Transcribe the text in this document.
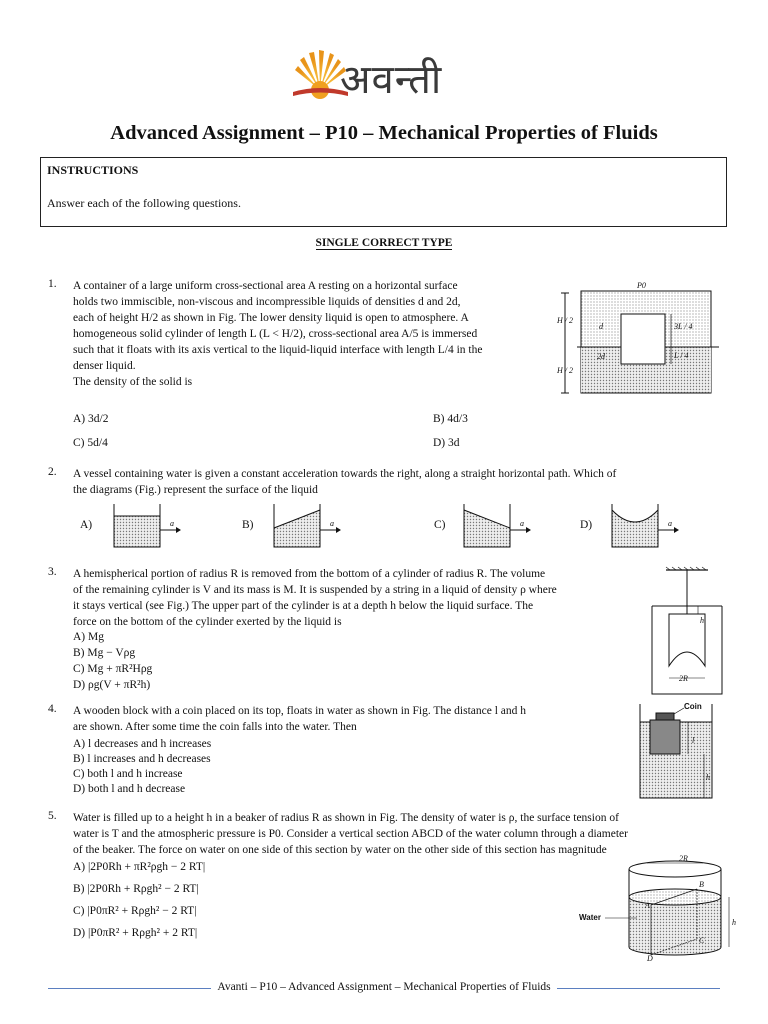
अवन्ती
Advanced Assignment – P10 – Mechanical Properties of Fluids
INSTRUCTIONS
Answer each of the following questions.
SINGLE CORRECT TYPE
1. A container of a large uniform cross-sectional area A resting on a horizontal surface
holds two immiscible, non-viscous and incompressible liquids of densities d and 2d,
each of height H/2 as shown in Fig. The lower density liquid is open to atmosphere. A
homogeneous solid cylinder of length L (L < H/2), cross-sectional area A/5 is immersed
such that it floats with its axis vertical to the liquid-liquid interface with length L/4 in the
denser liquid.
The density of the solid is
A) 3d/2	B) 4d/3
C) 5d/4	D) 3d
P0
H / 2
H / 2
d
2d
3L / 4
L / 4
2. A vessel containing water is given a constant acceleration towards the right, along a straight horizontal path. Which of
the diagrams (Fig.) represent the surface of the liquid
A)	B)	C)	D)
a	a	a	a
3. A hemispherical portion of radius R is removed from the bottom of a cylinder of radius R. The volume
of the remaining cylinder is V and its mass is M. It is suspended by a string in a liquid of density ρ where
it stays vertical (see Fig.) The upper part of the cylinder is at a depth h below the liquid surface. The
force on the bottom of the cylinder exerted by the liquid is
A) Mg
B) Mg − Vρg
C) Mg + πR²Hρg
D) ρg(V + πR²h)
h
2R
4. A wooden block with a coin placed on its top, floats in water as shown in Fig. The distance l and h
are shown. After some time the coin falls into the water. Then
A) l decreases and h increases
B) l increases and h decreases
C) both l and h increase
D) both l and h decrease
Coin
l
h
5. Water is filled up to a height h in a beaker of radius R as shown in Fig. The density of water is ρ, the surface tension of
water is T and the atmospheric pressure is P0. Consider a vertical section ABCD of the water column through a diameter
of the beaker. The force on water on one side of this section by water on the other side of this section has magnitude
A) |2P0Rh + πR²ρgh − 2 RT|
B) |2P0Rh + Rρgh² − 2 RT|
C) |P0πR² + Rρgh² − 2 RT|
D) |P0πR² + Rρgh² + 2 RT|
2R
Water
A
B
C
D
h
Avanti – P10 – Advanced Assignment – Mechanical Properties of Fluids
